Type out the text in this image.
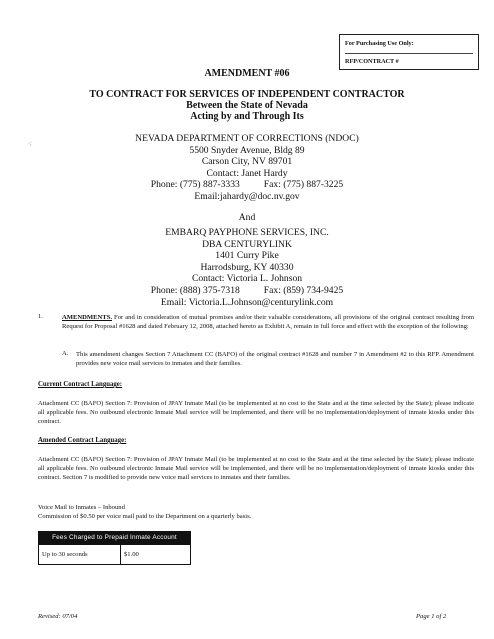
For Purchasing Use Only:
RFP/CONTRACT #
AMENDMENT #06
TO CONTRACT FOR SERVICES OF INDEPENDENT CONTRACTOR
Between the State of Nevada
Acting by and Through Its
·;	NEVADA DEPARTMENT OF CORRECTIONS (NDOC)
5500 Snyder Avenue, Bldg 89
Carson City, NV 89701
Contact: Janet Hardy
Phone: (775) 887-3333	Fax: (775) 887-3225
Email:jahardy@doc.nv.gov
And
EMBARQ PAYPHONE SERVICES, INC.
DBA CENTURYLINK
1401 Curry Pike
Harrodsburg, KY 40330
Contact: Victoria L. Johnson
Phone: (888) 375-7318	Fax: (859) 734-9425
Email: Victoria.L.Johnson@centurylink.com
1.	AMENDMENTS. For and in consideration of mutual promises and/or their valuable considerations, all provisions of the original contract resulting from Request for Proposal #1628 and dated February 12, 2008, attached hereto as Exhibit A, remain in full force and effect with the exception of the following:
A. This amendment changes Section 7 Attachment CC (BAFO) of the original contract #1628 and number 7 in Amendment #2 to this RFP. Amendment provides new voice mail services to inmates and their families.
Current Contract Language:
Attachment CC (BAFO) Section 7: Provision of JPAY Inmate Mail (to be implemented at no cost to the State and at the time selected by the State); please indicate all applicable fees. No outbound electronic Inmate Mail service will be implemented, and there will be no implementation/deployment of inmate kiosks under this contract.
Amended Contract Language:
Attachment CC (BAFO) Section 7: Provision of JPAY Inmate Mail (to be implemented at no cost to the State and at the time selected by the State); please indicate all applicable fees. No outbound electronic Inmate Mail service will be implemented, and there will be no implementation/deployment of inmate kiosks under this contract. Section 7 is modified to provide new voice mail services to inmates and their families.
Voice Mail to Inmates – Inbound
Commission of $0.50 per voice mail paid to the Department on a quarterly basis.
Fees Charged to Prepaid Inmate Account
Up to 30 seconds	$1.00
Revised: 07/04	Page 1 of 2
